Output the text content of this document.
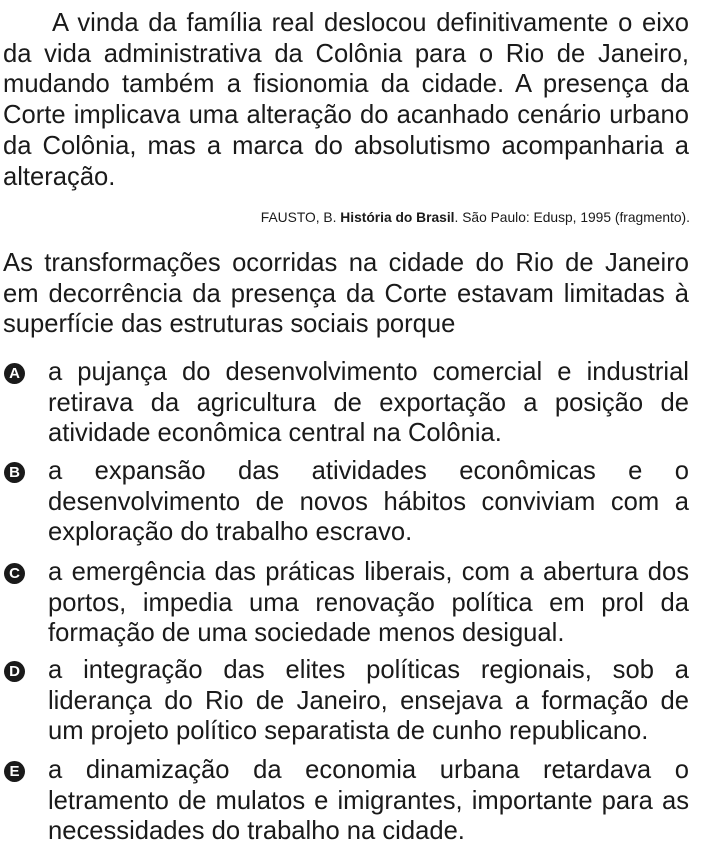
A vinda da família real deslocou definitivamente o eixo da vida administrativa da Colônia para o Rio de Janeiro, mudando também a fisionomia da cidade. A presença da Corte implicava uma alteração do acanhado cenário urbano da Colônia, mas a marca do absolutismo acompanharia a alteração.

FAUSTO, B. História do Brasil. São Paulo: Edusp, 1995 (fragmento).

As transformações ocorridas na cidade do Rio de Janeiro em decorrência da presença da Corte estavam limitadas à superfície das estruturas sociais porque

A a pujança do desenvolvimento comercial e industrial retirava da agricultura de exportação a posição de atividade econômica central na Colônia.

B a expansão das atividades econômicas e o desenvolvimento de novos hábitos conviviam com a exploração do trabalho escravo.

C a emergência das práticas liberais, com a abertura dos portos, impedia uma renovação política em prol da formação de uma sociedade menos desigual.

D a integração das elites políticas regionais, sob a liderança do Rio de Janeiro, ensejava a formação de um projeto político separatista de cunho republicano.

E a dinamização da economia urbana retardava o letramento de mulatos e imigrantes, importante para as necessidades do trabalho na cidade.
